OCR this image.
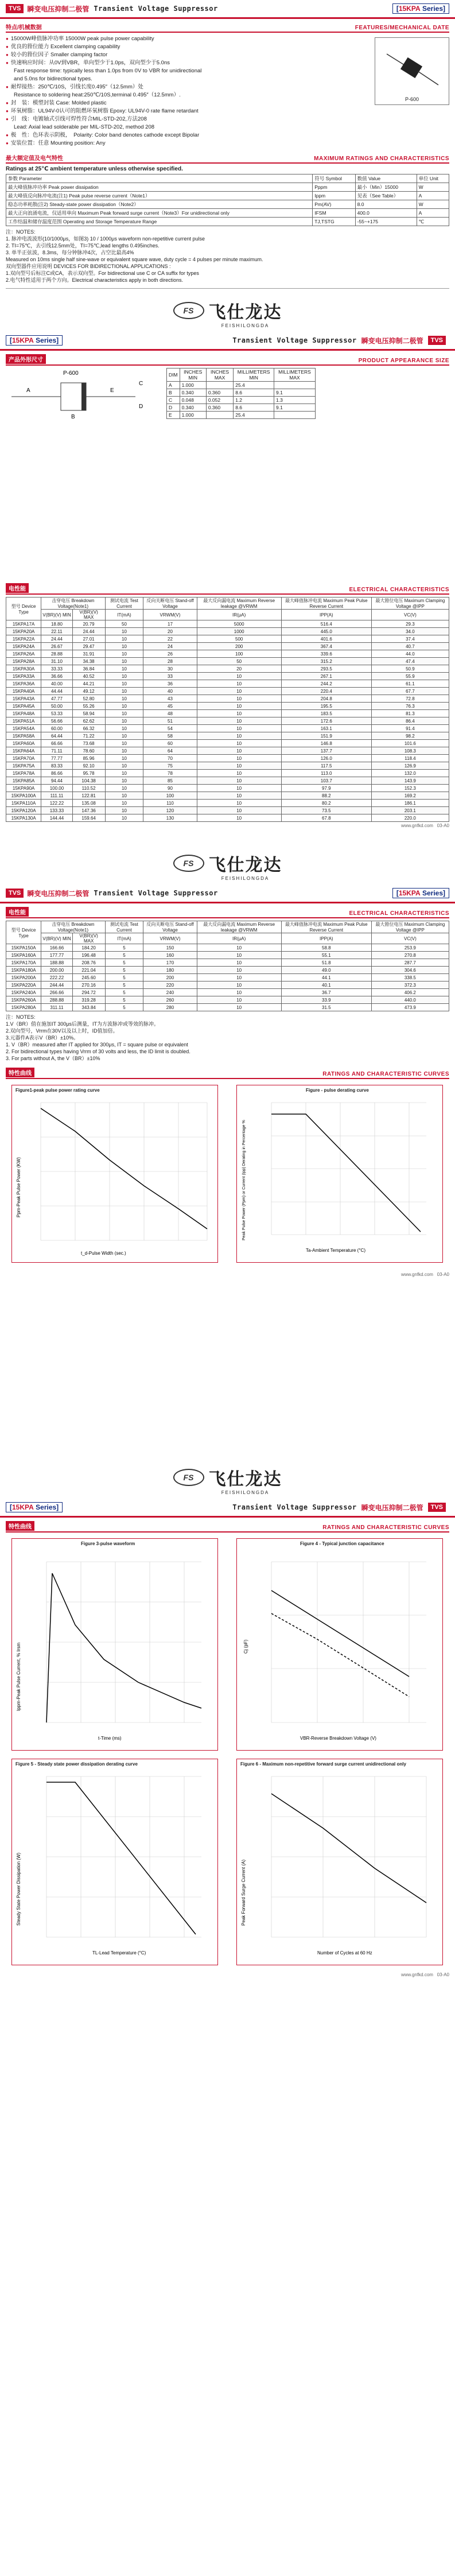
TVS 瞬变电压抑制二极管 Transient Voltage Suppressor	[15KPA Series]
特点/机械数据	FEATURES/MECHANICAL DATE
● 15000W峰值脉冲功率 15000W peak pulse power capability
● 优良的箝位能力 Excellent clamping capability
● 较小的箝位因子 Smaller clamping factor
● 快速响应时间：从0V到VBR，单向型少于1.0ps，双向型少于5.0ns
Fast response time: typically less than 1.0ps from 0V to VBR for unidirectional
and 5.0ns for bidirectional types.
● 耐焊接热：250℃/10S，引线长度0.495″（12.5mm）处
Resistance to soldering heat:250℃/10S,terminal 0.495″（12.5mm）.
● 封　装：模塑封装 Case: Molded plastic
● 环氧树脂：UL94V-0认可的阻燃环氧树脂 Epoxy: UL94V-0 rate flame retardant
● 引　线：电镀轴式引线可焊性符合MIL-STD-202,方法208
Lead: Axial lead solderable per MIL-STD-202, method 208
● 极　性：色环表示阴极，　Polarity: Color band denotes cathode except Bipolar
● 安装位置：任意 Mounting position: Any
P-600
最大额定值及电气特性	MAXIMUM RATINGS AND CHARACTERISTICS
Ratings at 25℃ ambient temperature unless otherwise specified.
参数 Parameter	符号 Symbol	数值 Value	单位 Unit
最大峰值脉冲功率 Peak power dissipation	Pppm	最小（Min）15000	W
最大峰值反向脉冲电流(注1) Peak pulse reverse current（Note1）	Ippm	见表（See Table）	A
稳态功率耗散(注2) Steady-state power dissipation（Note2）	Pm(AV)	8.0	W
最大正向浪涌电流，仅适用单向 Maximum Peak forward surge current（Note3）For unidirectional only	IFSM	400.0	A
工作结温和储存温度范围 Operating and Storage Temperature Range	TJ,TSTG	-55~+175	℃

注：NOTES:

1. 脉冲电流波形(10/1000μs，如图3) 10 / 1000μs waveform non-repetitive current pulse

2. TI=75℃，去引线12.5mm处，TI=75℃,lead lengths 0.495inches.

3. 单半正弦波，8.3ms，每分钟脉冲4次，占空比最高4%

Measured on 10ms single half sine-wave or equivalent square wave, duty cycle = 4 pulses per minute maximum.

双向型器件应用说明 DEVICES FOR BIDIRECTIONAL APPLICATIONS :

1.双向型号后标注C或CA，表示双向型。For bidirectional use C or CA suffix for types

2.电气特性适用于两个方向。Electrical characteristics apply in both directions.

FS 飞仕龙达
FEISHILONGDA
[15KPA Series]	Transient Voltage Suppressor 瞬变电压抑制二极管	TVS
产品外形尺寸	PRODUCT APPEARANCE SIZE
P-600
A
B
C
D
E
DIM	INCHES MIN	INCHES MAX	MILLIMETERS MIN	MILLIMETERS MAX
A	1.000		25.4	
B	0.340	0.360	8.6	9.1
C	0.048	0.052	1.2	1.3
D	0.340	0.360	8.6	9.1
E	1.000		25.4	
电性能	ELECTRICAL CHARACTERISTICS
型号 Device Type	击穿电压 Breakdown Voltage(Note1)		测试电流 Test Current	反向关断电压 Stand-off Voltage	最大反向漏电流 Maximum Reverse leakage @VRWM	最大峰值脉冲电流 Maximum Peak Pulse Reverse Current	最大箝位电压 Maximum Clamping Voltage @IPP
	V(BR)(V) MIN	V(BR)(V) MAX	IT(mA)	VRWM(V)	IR(μA)	IPP(A)	VC(V)
15KPA17A	18.80	20.79	50	17	5000	516.4	29.3
15KPA20A	22.11	24.44	10	20	1000	445.0	34.0
15KPA22A	24.44	27.01	10	22	500	401.6	37.4
15KPA24A	26.67	29.47	10	24	200	367.4	40.7
15KPA26A	28.88	31.91	10	26	100	339.6	44.0
15KPA28A	31.10	34.38	10	28	50	315.2	47.4
15KPA30A	33.33	36.84	10	30	20	293.5	50.9
15KPA33A	36.66	40.52	10	33	10	267.1	55.9
15KPA36A	40.00	44.21	10	36	10	244.2	61.1
15KPA40A	44.44	49.12	10	40	10	220.4	67.7
15KPA43A	47.77	52.80	10	43	10	204.8	72.8
15KPA45A	50.00	55.26	10	45	10	195.5	76.3
15KPA48A	53.33	58.94	10	48	10	183.5	81.3
15KPA51A	56.66	62.62	10	51	10	172.6	86.4
15KPA54A	60.00	66.32	10	54	10	163.1	91.4
15KPA58A	64.44	71.22	10	58	10	151.9	98.2
15KPA60A	66.66	73.68	10	60	10	146.8	101.6
15KPA64A	71.11	78.60	10	64	10	137.7	108.3
15KPA70A	77.77	85.96	10	70	10	126.0	118.4
15KPA75A	83.33	92.10	10	75	10	117.5	126.9
15KPA78A	86.66	95.78	10	78	10	113.0	132.0
15KPA85A	94.44	104.38	10	85	10	103.7	143.9
15KPA90A	100.00	110.52	10	90	10	97.9	152.3
15KPA100A	111.11	122.81	10	100	10	88.2	169.2
15KPA110A	122.22	135.08	10	110	10	80.2	186.1
15KPA120A	133.33	147.36	10	120	10	73.5	203.1
15KPA130A	144.44	159.64	10	130	10	67.8	220.0
www.gnfkd.com 03-A0
FS 飞仕龙达
FEISHILONGDA
TVS 瞬变电压抑制二极管 Transient Voltage Suppressor	[15KPA Series]
电性能	ELECTRICAL CHARACTERISTICS
型号 Device Type	击穿电压 Breakdown Voltage(Note1)		测试电流 Test Current	反向关断电压 Stand-off Voltage	最大反向漏电流 Maximum Reverse leakage @VRWM	最大峰值脉冲电流 Maximum Peak Pulse Reverse Current	最大箝位电压 Maximum Clamping Voltage @IPP
	V(BR)(V) MIN	V(BR)(V) MAX	IT(mA)	VRWM(V)	IR(μA)	IPP(A)	VC(V)
15KPA150A	166.66	184.20	5	150	10	58.8	253.9
15KPA160A	177.77	196.48	5	160	10	55.1	270.8
15KPA170A	188.88	208.76	5	170	10	51.8	287.7
15KPA180A	200.00	221.04	5	180	10	49.0	304.6
15KPA200A	222.22	245.60	5	200	10	44.1	338.5
15KPA220A	244.44	270.16	5	220	10	40.1	372.3
15KPA240A	266.66	294.72	5	240	10	36.7	406.2
15KPA260A	288.88	319.28	5	260	10	33.9	440.0
15KPA280A	311.11	343.84	5	280	10	31.5	473.9

注：NOTES:

1.V（BR）值在施加IT 300μs后测量，IT为方波脉冲或等效的脉冲。

2.双向型号，Vrrm在30V以及以上时，ID值加倍。

3.元器件A表示V（BR）±10%。

1. V（BR）measured after IT applied for 300μs, IT = square pulse or equivalent

2. For bidirectional types having Vrrm of 30 volts and less, the ID limit is doubled.

3. For parts without A, the V（BR）±10%

特性曲线	RATINGS AND CHARACTERISTIC CURVES
Figure1-peak pulse power rating curve
t_d-Pulse Width (sec.)
Ppm-Peak Pulse Power (KW)
Figure - pulse derating curve
Ta-Ambient Temperature (°C)
Peak Pulse Power (Ppm) or Current (Ipp) Derating in Percentage %
www.gnfkd.com 03-A0
FS 飞仕龙达
FEISHILONGDA
[15KPA Series]	Transient Voltage Suppressor 瞬变电压抑制二极管	TVS
特性曲线	RATINGS AND CHARACTERISTIC CURVES
Figure 3-pulse waveform
t-Time (ms)
Ippm-Peak Pulse Current, % Irsm
Figure 4 - Typical junction capacitance
VBR-Reverse Breakdown Voltage (V)
Cj (pF)
Figure 5 - Steady state power dissipation derating curve
TL-Lead Temperature (°C)
Steady State Power Dissipation (W)
Figure 6 - Maximum non-repetitive forward surge current unidirectional only
Number of Cycles at 60 Hz
Peak Forward Surge Current (A)
www.gnfkd.com 03-A0
